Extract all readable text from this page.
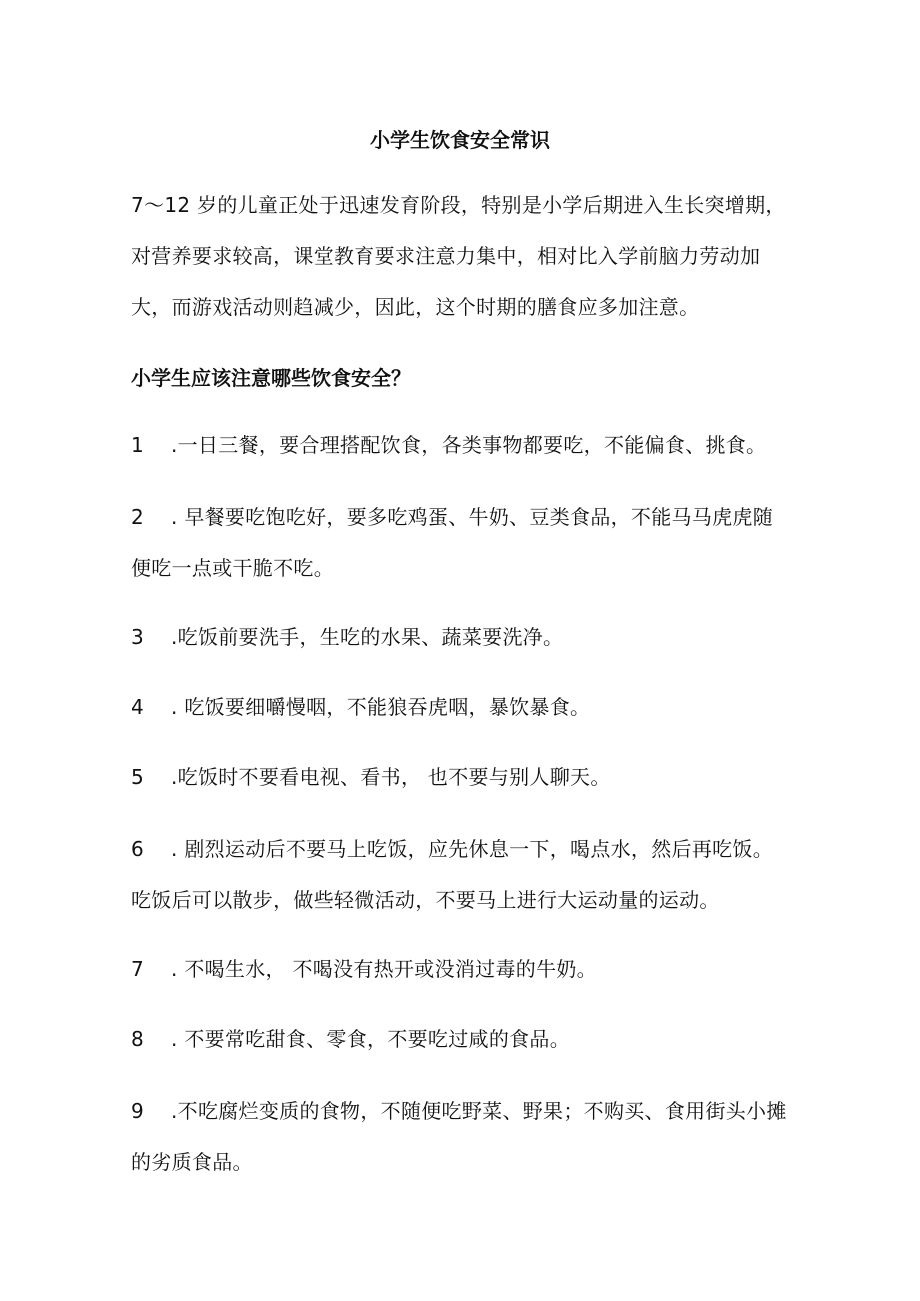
小学生饮食安全常识
7～12 岁的儿童正处于迅速发育阶段，特别是小学后期进入生长突增期，对营养要求较高，课堂教育要求注意力集中，相对比入学前脑力劳动加大，而游戏活动则趋减少，因此，这个时期的膳食应多加注意。
小学生应该注意哪些饮食安全？
1 .一日三餐，要合理搭配饮食，各类事物都要吃，不能偏食、挑食。
2 . 早餐要吃饱吃好，要多吃鸡蛋、牛奶、豆类食品，不能马马虎虎随便吃一点或干脆不吃。
3 .吃饭前要洗手，生吃的水果、蔬菜要洗净。
4 . 吃饭要细嚼慢咽，不能狼吞虎咽，暴饮暴食。
5 .吃饭时不要看电视、看书， 也不要与别人聊天。
6 . 剧烈运动后不要马上吃饭，应先休息一下，喝点水，然后再吃饭。吃饭后可以散步，做些轻微活动，不要马上进行大运动量的运动。
7 . 不喝生水， 不喝没有热开或没消过毒的牛奶。
8 . 不要常吃甜食、零食，不要吃过咸的食品。
9 .不吃腐烂变质的食物，不随便吃野菜、野果；不购买、食用街头小摊的劣质食品。
